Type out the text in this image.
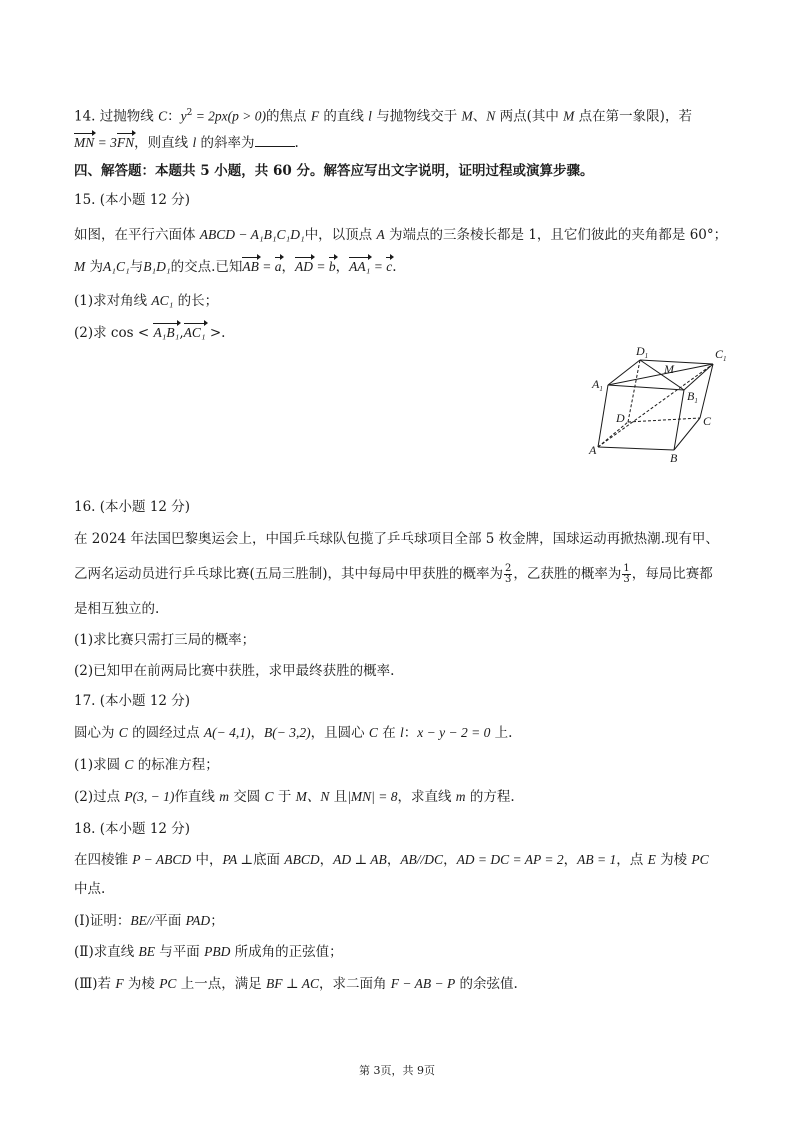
14. 过抛物线 C：$y^2 = 2px(p > 0)$的焦点 F 的直线 l 与抛物线交于 M、N 两点(其中 M 点在第一象限)，若
MN = 3FN，则直线 l 的斜率为	.
四、解答题：本题共 5 小题，共 60 分。解答应写出文字说明，证明过程或演算步骤。
15. (本小题 12 分)
如图，在平行六面体 ABCD − A₁B₁C₁D₁中，以顶点 A 为端点的三条棱长都是 1，且它们彼此的夹角都是 60°；
M 为A₁C₁与B₁D₁的交点.已知AB = a，AD = b，AA₁ = c.
(1)求对角线 AC₁ 的长；
(2)求 cos < A₁B₁,AC₁ >.
$D_1$	$C_1$
M
$A_1$	$B_1$
D	C
A
B
16. (本小题 12 分)
在 2024 年法国巴黎奥运会上，中国乒乓球队包揽了乒乓球项目全部 5 枚金牌，国球运动再掀热潮.现有甲、
乙两名运动员进行乒乓球比赛(五局三胜制)，其中每局中甲获胜的概率为 $\frac{2}{3}$ ，乙获胜的概率为 $\frac{1}{3}$ ，每局比赛都
是相互独立的.
(1)求比赛只需打三局的概率；
(2)已知甲在前两局比赛中获胜，求甲最终获胜的概率.
17. (本小题 12 分)
圆心为 C 的圆经过点 A(− 4,1)，B(− 3,2)，且圆心 C 在 l：x − y − 2 = 0 上.
(1)求圆 C 的标准方程；
(2)过点 P(3, − 1)作直线 m 交圆 C 于 M、N 且|MN| = 8，求直线 m 的方程.
18. (本小题 12 分)
在四棱锥 P − ABCD 中，PA ⊥底面 ABCD，AD ⊥ AB，AB//DC，AD = DC = AP = 2，AB = 1，点 E 为棱 PC
中点.
(Ⅰ)证明：BE//平面 PAD；
(Ⅱ)求直线 BE 与平面 PBD 所成角的正弦值；
(Ⅲ)若 F 为棱 PC 上一点，满足 BF ⊥ AC，求二面角 F − AB − P 的余弦值.
第 3页，共 9页
